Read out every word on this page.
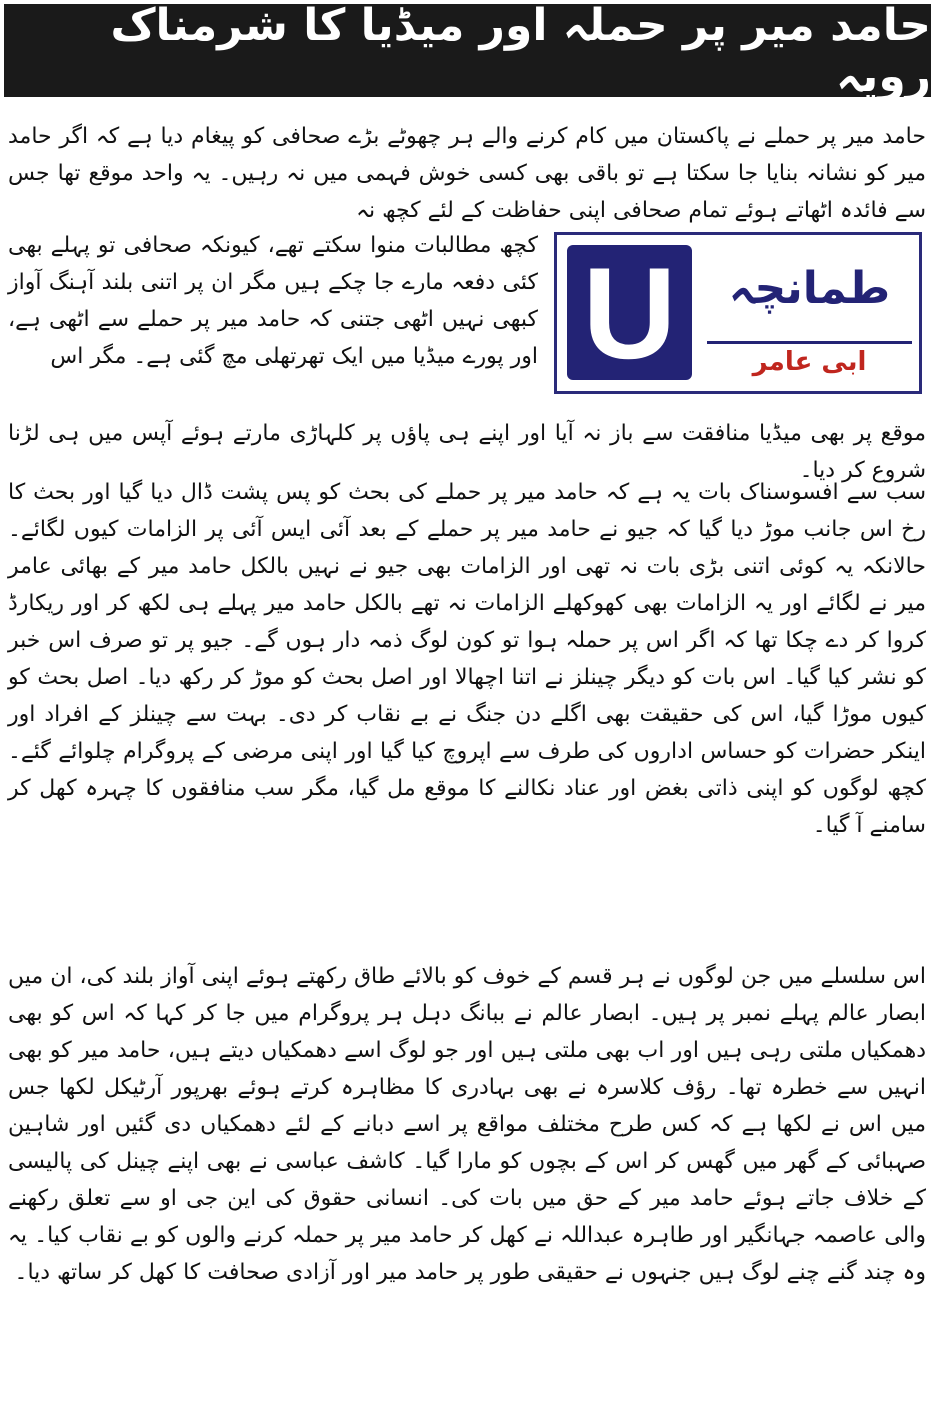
حامد میر پر حملہ اور میڈیا کا شرمناک رویہ

حامد میر پر حملے نے پاکستان میں کام کرنے والے ہر چھوٹے بڑے صحافی کو پیغام دیا ہے کہ اگر حامد میر کو نشانہ بنایا جا سکتا ہے تو باقی بھی کسی خوش فہمی میں نہ رہیں۔ یہ واحد موقع تھا جس سے فائدہ اٹھاتے ہوئے تمام صحافی اپنی حفاظت کے لئے کچھ نہ

U	طمانچہ
ابی عامر

کچھ مطالبات منوا سکتے تھے، کیونکہ صحافی تو پہلے بھی کئی دفعہ مارے جا چکے ہیں مگر ان پر اتنی بلند آہنگ آواز کبھی نہیں اٹھی جتنی کہ حامد میر پر حملے سے اٹھی ہے، اور پورے میڈیا میں ایک تھرتھلی مچ گئی ہے۔ مگر اس

موقع پر بھی میڈیا منافقت سے باز نہ آیا اور اپنے ہی پاؤں پر کلہاڑی مارتے ہوئے آپس میں ہی لڑنا شروع کر دیا۔

سب سے افسوسناک بات یہ ہے کہ حامد میر پر حملے کی بحث کو پس پشت ڈال دیا گیا اور بحث کا رخ اس جانب موڑ دیا گیا کہ جیو نے حامد میر پر حملے کے بعد آئی ایس آئی پر الزامات کیوں لگائے۔ حالانکہ یہ کوئی اتنی بڑی بات نہ تھی اور الزامات بھی جیو نے نہیں بالکل حامد میر کے بھائی عامر میر نے لگائے اور یہ الزامات بھی کھوکھلے الزامات نہ تھے بالکل حامد میر پہلے ہی لکھ کر اور ریکارڈ کروا کر دے چکا تھا کہ اگر اس پر حملہ ہوا تو کون لوگ ذمہ دار ہوں گے۔ جیو پر تو صرف اس خبر کو نشر کیا گیا۔ اس بات کو دیگر چینلز نے اتنا اچھالا اور اصل بحث کو موڑ کر رکھ دیا۔ اصل بحث کو کیوں موڑا گیا، اس کی حقیقت بھی اگلے دن جنگ نے بے نقاب کر دی۔ بہت سے چینلز کے افراد اور اینکر حضرات کو حساس اداروں کی طرف سے اپروچ کیا گیا اور اپنی مرضی کے پروگرام چلوائے گئے۔ کچھ لوگوں کو اپنی ذاتی بغض اور عناد نکالنے کا موقع مل گیا، مگر سب منافقوں کا چہرہ کھل کر سامنے آ گیا۔

اس سلسلے میں جن لوگوں نے ہر قسم کے خوف کو بالائے طاق رکھتے ہوئے اپنی آواز بلند کی، ان میں ابصار عالم پہلے نمبر پر ہیں۔ ابصار عالم نے ببانگ دہل ہر پروگرام میں جا کر کہا کہ اس کو بھی دھمکیاں ملتی رہی ہیں اور اب بھی ملتی ہیں اور جو لوگ اسے دھمکیاں دیتے ہیں، حامد میر کو بھی انہیں سے خطرہ تھا۔ رؤف کلاسرہ نے بھی بہادری کا مظاہرہ کرتے ہوئے بھرپور آرٹیکل لکھا جس میں اس نے لکھا ہے کہ کس طرح مختلف مواقع پر اسے دبانے کے لئے دھمکیاں دی گئیں اور شاہین صہبائی کے گھر میں گھس کر اس کے بچوں کو مارا گیا۔ کاشف عباسی نے بھی اپنے چینل کی پالیسی کے خلاف جاتے ہوئے حامد میر کے حق میں بات کی۔ انسانی حقوق کی این جی او سے تعلق رکھنے والی عاصمہ جہانگیر اور طاہرہ عبداللہ نے کھل کر حامد میر پر حملہ کرنے والوں کو بے نقاب کیا۔ یہ وہ چند گنے چنے لوگ ہیں جنہوں نے حقیقی طور پر حامد میر اور آزادی صحافت کا کھل کر ساتھ دیا۔
